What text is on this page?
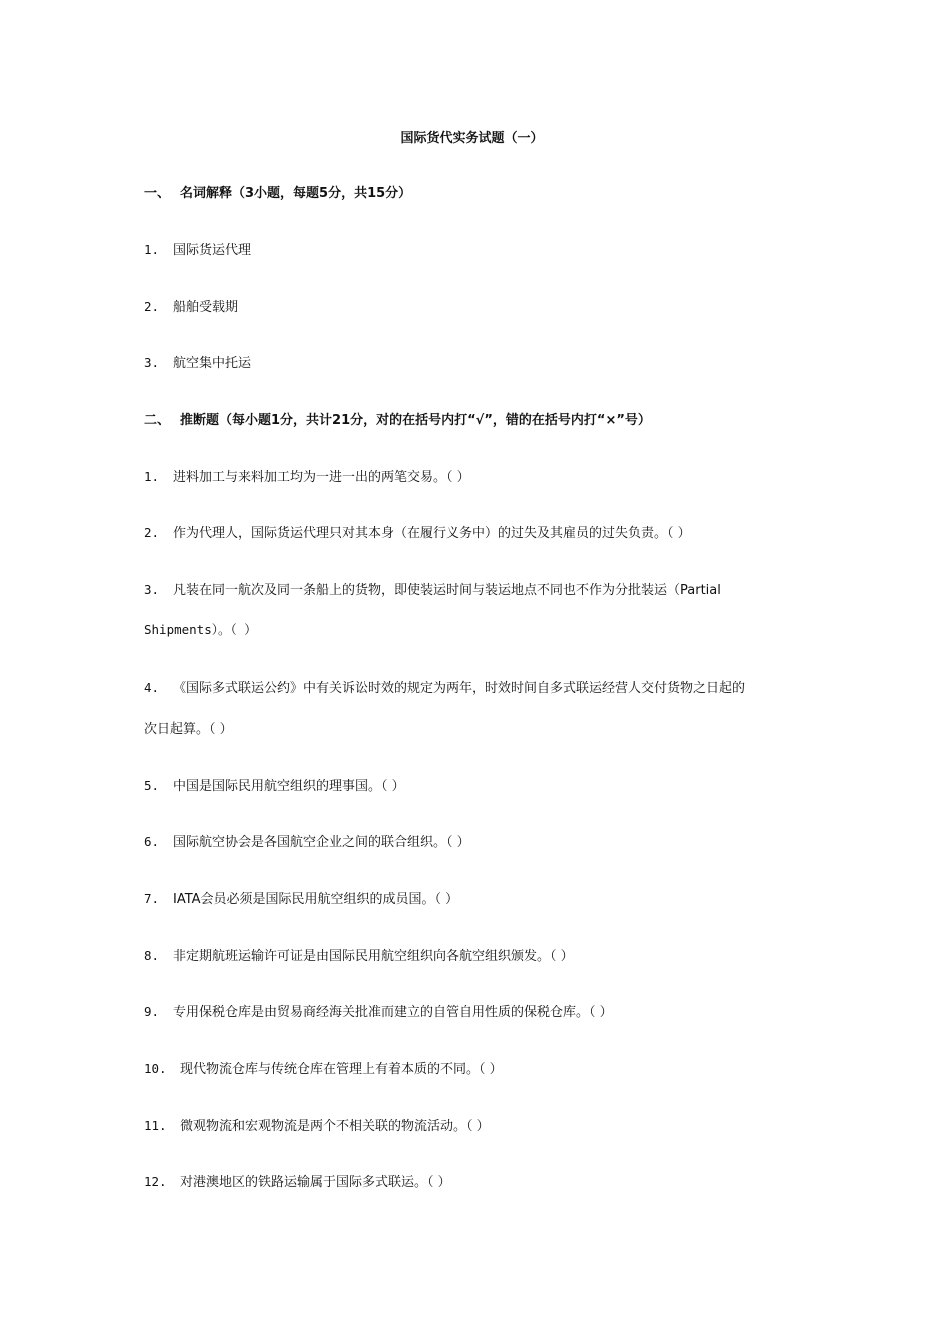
国际货代实务试题（一）
一、 名词解释（3小题，每题5分，共15分）
1. 国际货运代理
2. 船舶受载期
3. 航空集中托运
二、 推断题（每小题1分，共计21分，对的在括号内打“√”，错的在括号内打“×”号）
1. 进料加工与来料加工均为一进一出的两笔交易。（ ）
2. 作为代理人，国际货运代理只对其本身（在履行义务中）的过失及其雇员的过失负责。（ ）
3. 凡装在同一航次及同一条船上的货物，即使装运时间与装运地点不同也不作为分批装运（Partial
Shipments）。（ ）
4. 《国际多式联运公约》中有关诉讼时效的规定为两年，时效时间自多式联运经营人交付货物之日起的
次日起算。（ ）
5. 中国是国际民用航空组织的理事国。（ ）
6. 国际航空协会是各国航空企业之间的联合组织。（ ）
7. IATA会员必须是国际民用航空组织的成员国。（ ）
8. 非定期航班运输许可证是由国际民用航空组织向各航空组织颁发。（ ）
9. 专用保税仓库是由贸易商经海关批准而建立的自管自用性质的保税仓库。（ ）
10. 现代物流仓库与传统仓库在管理上有着本质的不同。（ ）
11. 微观物流和宏观物流是两个不相关联的物流活动。（ ）
12. 对港澳地区的铁路运输属于国际多式联运。（ ）
